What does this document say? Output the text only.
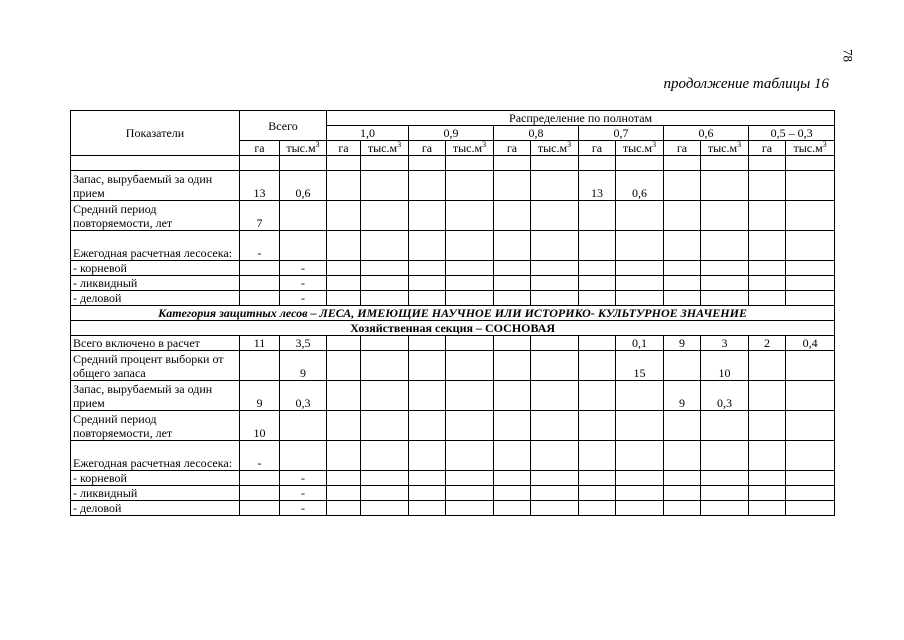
78
продолжение таблицы 16
Показатели	Всего		Распределение по полнотам											
			1,0		0,9		0,8		0,7		0,6		0,5 – 0,3	
	га	$тыс.м^3$	га	$тыс.м^3$	га	$тыс.м^3$	га	$тыс.м^3$	га	$тыс.м^3$	га	$тыс.м^3$	га	$тыс.м^3$

Запас, вырубаемый за один прием	13	0,6							13	0,6				
Средний период повторяемости, лет	7													
Ежегодная расчетная лесосека:	-													
- корневой		-												
- ликвидный		-												
- деловой		-												
Категория защитных лесов – ЛЕСА, ИМЕЮЩИЕ НАУЧНОЕ ИЛИ ИСТОРИКО- КУЛЬТУРНОЕ ЗНАЧЕНИЕ														
Хозяйственная секция – СОСНОВАЯ														
Всего включено в расчет	11	3,5								0,1	9	3	2	0,4
Средний процент выборки от общего запаса		9								15		10		
Запас, вырубаемый за один прием	9	0,3									9	0,3		
Средний период повторяемости, лет	10													
Ежегодная расчетная лесосека:	-													
- корневой		-												
- ликвидный		-												
- деловой		-												
